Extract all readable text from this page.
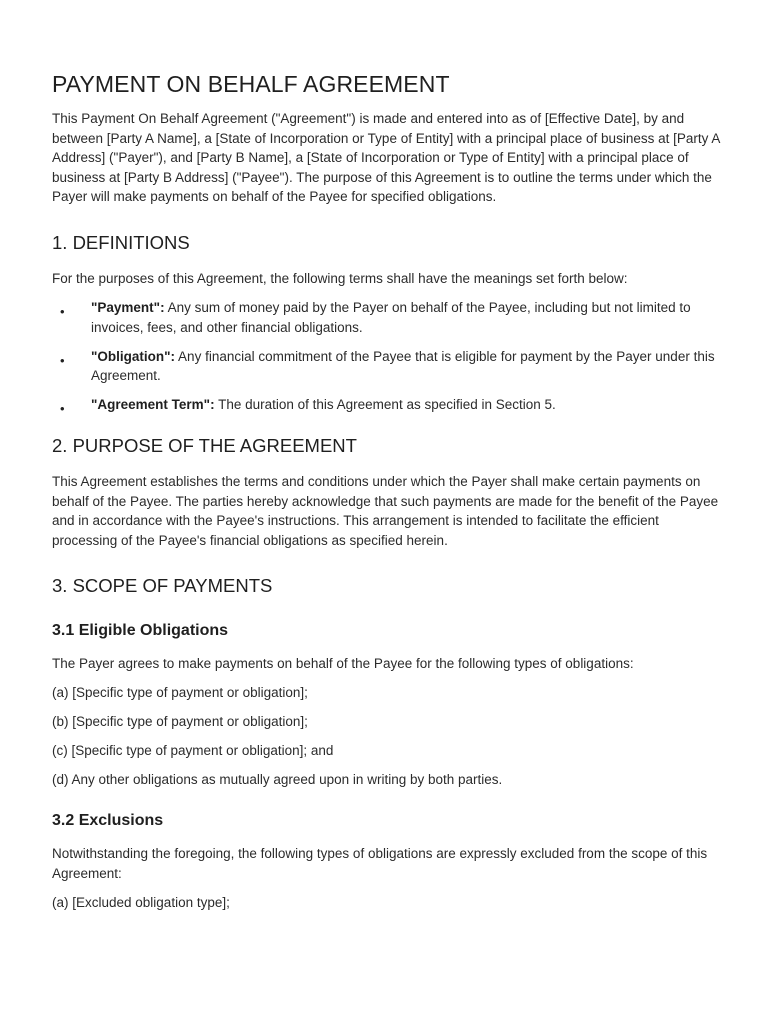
PAYMENT ON BEHALF AGREEMENT

This Payment On Behalf Agreement ("Agreement") is made and entered into as of [Effective Date], by and between [Party A Name], a [State of Incorporation or Type of Entity] with a principal place of business at [Party A Address] ("Payer"), and [Party B Name], a [State of Incorporation or Type of Entity] with a principal place of business at [Party B Address] ("Payee"). The purpose of this Agreement is to outline the terms under which the Payer will make payments on behalf of the Payee for specified obligations.

1. DEFINITIONS

For the purposes of this Agreement, the following terms shall have the meanings set forth below:

• "Payment": Any sum of money paid by the Payer on behalf of the Payee, including but not limited to invoices, fees, and other financial obligations.
• "Obligation": Any financial commitment of the Payee that is eligible for payment by the Payer under this Agreement.
• "Agreement Term": The duration of this Agreement as specified in Section 5.
2. PURPOSE OF THE AGREEMENT

This Agreement establishes the terms and conditions under which the Payer shall make certain payments on behalf of the Payee. The parties hereby acknowledge that such payments are made for the benefit of the Payee and in accordance with the Payee's instructions. This arrangement is intended to facilitate the efficient processing of the Payee's financial obligations as specified herein.

3. SCOPE OF PAYMENTS
3.1 Eligible Obligations

The Payer agrees to make payments on behalf of the Payee for the following types of obligations:

(a) [Specific type of payment or obligation];

(b) [Specific type of payment or obligation];

(c) [Specific type of payment or obligation]; and

(d) Any other obligations as mutually agreed upon in writing by both parties.

3.2 Exclusions

Notwithstanding the foregoing, the following types of obligations are expressly excluded from the scope of this Agreement:

(a) [Excluded obligation type];
